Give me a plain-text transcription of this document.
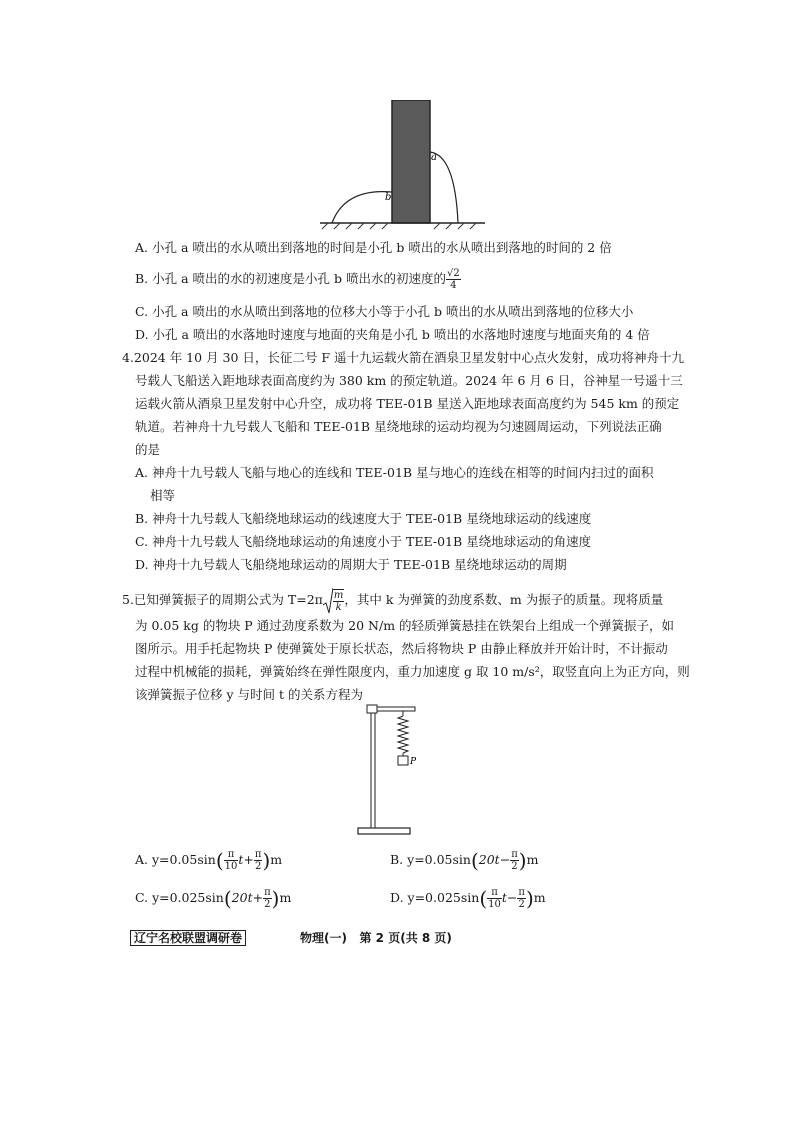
a
b
A. 小孔 a 喷出的水从喷出到落地的时间是小孔 b 喷出的水从喷出到落地的时间的 2 倍
B. 小孔 a 喷出的水的初速度是小孔 b 喷出水的初速度的 $\frac{√2}{4}$
C. 小孔 a 喷出的水从喷出到落地的位移大小等于小孔 b 喷出的水从喷出到落地的位移大小
D. 小孔 a 喷出的水落地时速度与地面的夹角是小孔 b 喷出的水落地时速度与地面夹角的 4 倍
4.2024 年 10 月 30 日，长征二号 F 遥十九运载火箭在酒泉卫星发射中心点火发射，成功将神舟十九
号载人飞船送入距地球表面高度约为 380 km 的预定轨道。2024 年 6 月 6 日，谷神星一号遥十三
运载火箭从酒泉卫星发射中心升空，成功将 TEE-01B 星送入距地球表面高度约为 545 km 的预定
轨道。若神舟十九号载人飞船和 TEE-01B 星绕地球的运动均视为匀速圆周运动，下列说法正确
的是
A. 神舟十九号载人飞船与地心的连线和 TEE-01B 星与地心的连线在相等的时间内扫过的面积
相等
B. 神舟十九号载人飞船绕地球运动的线速度大于 TEE-01B 星绕地球运动的线速度
C. 神舟十九号载人飞船绕地球运动的角速度小于 TEE-01B 星绕地球运动的角速度
D. 神舟十九号载人飞船绕地球运动的周期大于 TEE-01B 星绕地球运动的周期
5.已知弹簧振子的周期公式为 $T=2\pi \frac{m}{k}$ ，其中 k 为弹簧的劲度系数、m 为振子的质量。现将质量
为 0.05 kg 的物块 P 通过劲度系数为 20 N/m 的轻质弹簧悬挂在铁架台上组成一个弹簧振子，如
图所示。用手托起物块 P 使弹簧处于原长状态，然后将物块 P 由静止释放并开始计时，不计振动
过程中机械能的损耗，弹簧始终在弹性限度内，重力加速度 g 取 10 m/s²，取竖直向上为正方向，则
该弹簧振子位移 y 与时间 t 的关系方程为
P
A. $y=0.05\sin( \frac{\pi}{10} t+ \frac{\pi}{2} )m$	B. $y=0.05\sin(20t- \frac{\pi}{2} )m$
C. $y=0.025\sin(20t+ \frac{\pi}{2} )m$	D. $y=0.025\sin( \frac{\pi}{10} t- \frac{\pi}{2} )m$
辽宁名校联盟调研卷	物理(一)   第 2 页(共 8 页)
